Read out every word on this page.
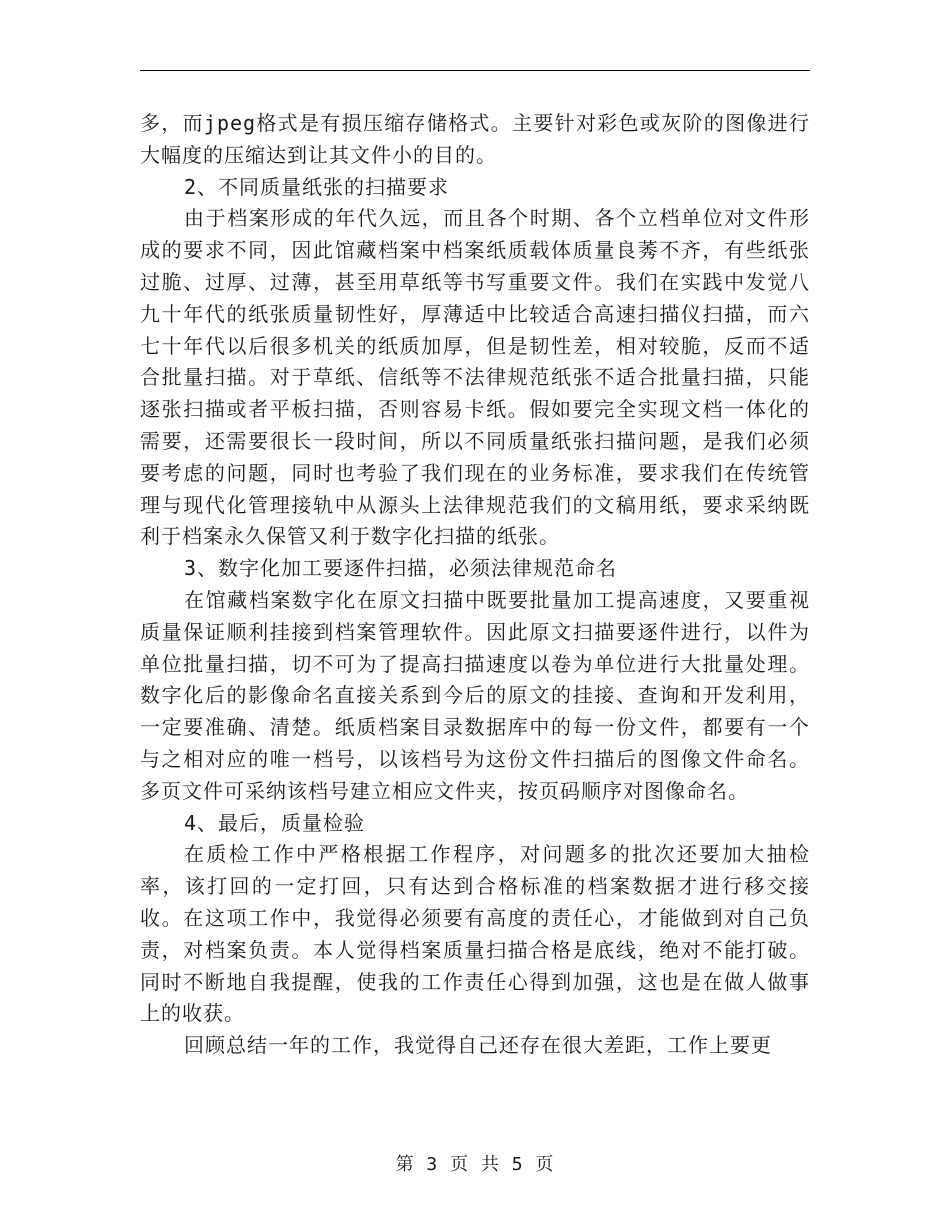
多，而jpeg格式是有损压缩存储格式。主要针对彩色或灰阶的图像进行大幅度的压缩达到让其文件小的目的。

2、不同质量纸张的扫描要求

由于档案形成的年代久远，而且各个时期、各个立档单位对文件形成的要求不同，因此馆藏档案中档案纸质载体质量良莠不齐，有些纸张过脆、过厚、过薄，甚至用草纸等书写重要文件。我们在实践中发觉八九十年代的纸张质量韧性好，厚薄适中比较适合高速扫描仪扫描，而六七十年代以后很多机关的纸质加厚，但是韧性差，相对较脆，反而不适合批量扫描。对于草纸、信纸等不法律规范纸张不适合批量扫描，只能逐张扫描或者平板扫描，否则容易卡纸。假如要完全实现文档一体化的需要，还需要很长一段时间，所以不同质量纸张扫描问题，是我们必须要考虑的问题，同时也考验了我们现在的业务标准，要求我们在传统管理与现代化管理接轨中从源头上法律规范我们的文稿用纸，要求采纳既利于档案永久保管又利于数字化扫描的纸张。

3、数字化加工要逐件扫描，必须法律规范命名

在馆藏档案数字化在原文扫描中既要批量加工提高速度，又要重视质量保证顺利挂接到档案管理软件。因此原文扫描要逐件进行，以件为单位批量扫描，切不可为了提高扫描速度以卷为单位进行大批量处理。数字化后的影像命名直接关系到今后的原文的挂接、查询和开发利用，一定要准确、清楚。纸质档案目录数据库中的每一份文件，都要有一个与之相对应的唯一档号，以该档号为这份文件扫描后的图像文件命名。多页文件可采纳该档号建立相应文件夹，按页码顺序对图像命名。

4、最后，质量检验

在质检工作中严格根据工作程序，对问题多的批次还要加大抽检率，该打回的一定打回，只有达到合格标准的档案数据才进行移交接收。在这项工作中，我觉得必须要有高度的责任心，才能做到对自己负责，对档案负责。本人觉得档案质量扫描合格是底线，绝对不能打破。同时不断地自我提醒，使我的工作责任心得到加强，这也是在做人做事上的收获。

回顾总结一年的工作，我觉得自己还存在很大差距，工作上要更

第 3 页 共 5 页
